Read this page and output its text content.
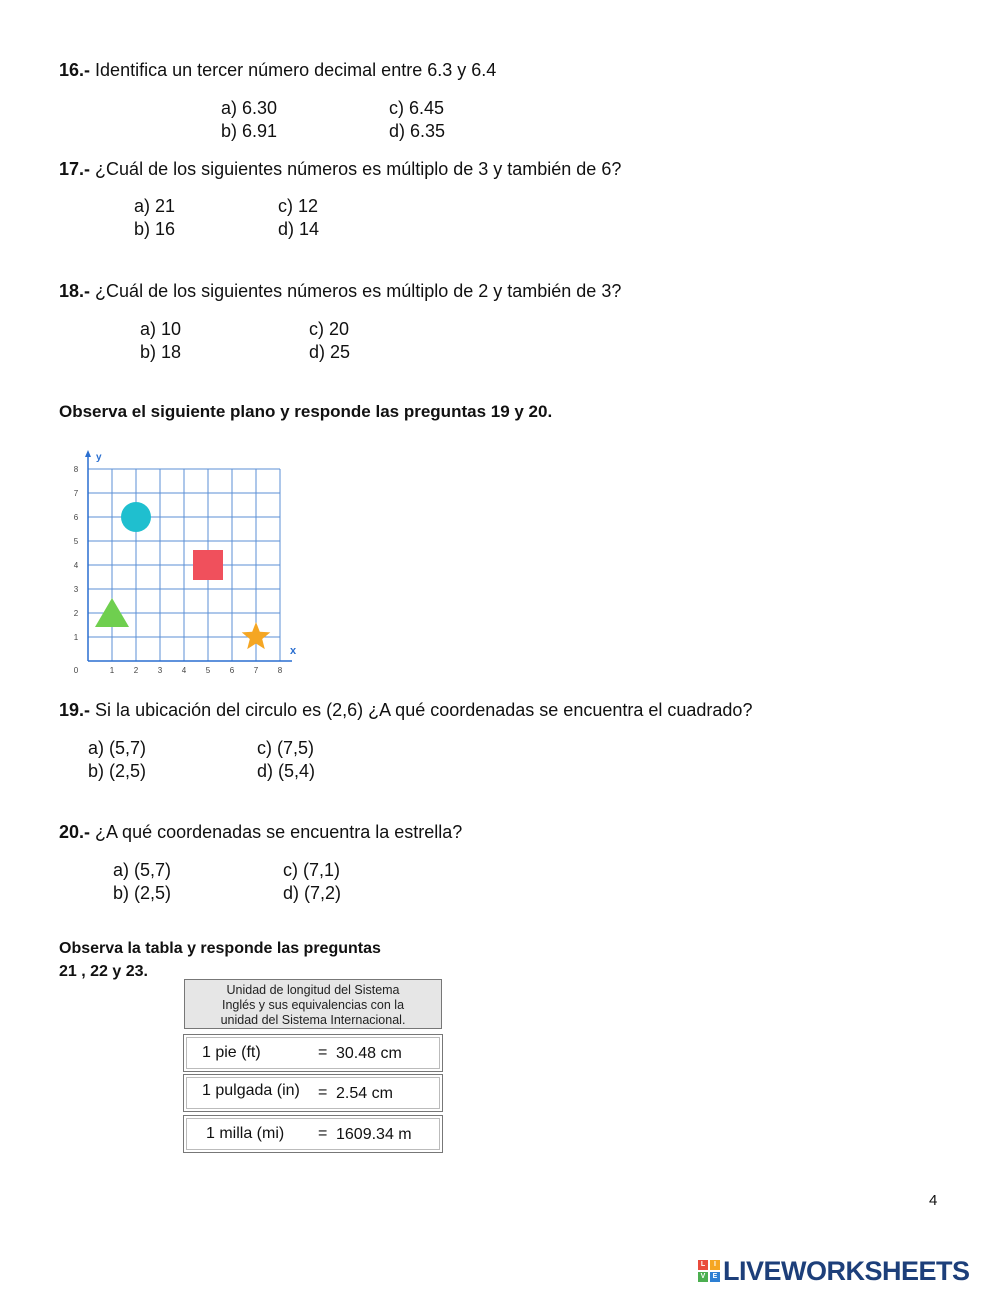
16.- Identifica un tercer número decimal entre 6.3 y 6.4
a) 6.30
b) 6.91
c) 6.45
d) 6.35
17.- ¿Cuál de los siguientes números es múltiplo de 3 y también de 6?
a) 21
b) 16
c) 12
d) 14
18.- ¿Cuál de los siguientes números es múltiplo de 2 y también de 3?
a) 10
b) 18
c) 20
d) 25
Observa el siguiente plano y responde las preguntas 19 y 20.
y
x
0	1 2 3 4 5 6 7 8
1
2
3
4
5
6
7
8
19.- Si la ubicación del circulo es (2,6) ¿A qué coordenadas se encuentra el cuadrado?
a) (5,7)
b) (2,5)
c) (7,5)
d) (5,4)
20.- ¿A qué coordenadas se encuentra la estrella?
a) (5,7)
b) (2,5)
c) (7,1)
d) (7,2)
Observa la tabla y responde las preguntas
21 , 22 y 23.
Unidad de longitud del Sistema
Inglés y sus equivalencias con la
unidad del Sistema Internacional.
1 pie (ft)	= 30.48 cm
1 pulgada (in) = 2.54 cm
1 milla (mi) = 1609.34 m
4
L	I
V	E LIVEWORKSHEETS
